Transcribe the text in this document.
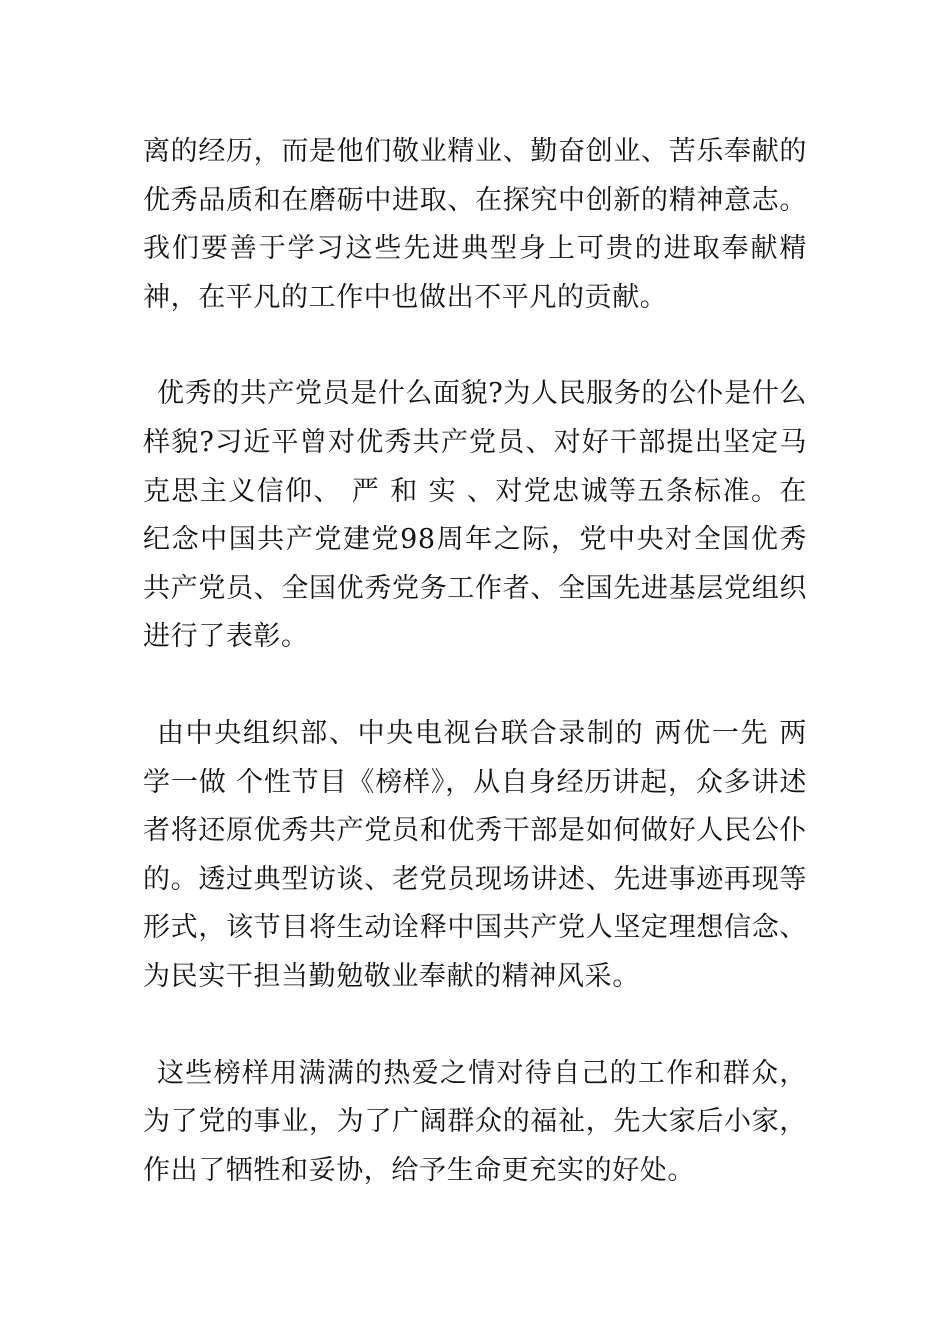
离的经历，而是他们敬业精业、勤奋创业、苦乐奉献的优秀品质和在磨砺中进取、在探究中创新的精神意志。我们要善于学习这些先进典型身上可贵的进取奉献精神，在平凡的工作中也做出不平凡的贡献。

优秀的共产党员是什么面貌?为人民服务的公仆是什么样貌?习近平曾对优秀共产党员、对好干部提出坚定马克思主义信仰、 严 和 实 、对党忠诚等五条标准。在纪念中国共产党建党98周年之际，党中央对全国优秀共产党员、全国优秀党务工作者、全国先进基层党组织进行了表彰。

由中央组织部、中央电视台联合录制的 两优一先 两学一做 个性节目《榜样》，从自身经历讲起，众多讲述者将还原优秀共产党员和优秀干部是如何做好人民公仆的。透过典型访谈、老党员现场讲述、先进事迹再现等形式，该节目将生动诠释中国共产党人坚定理想信念、为民实干担当勤勉敬业奉献的精神风采。

这些榜样用满满的热爱之情对待自己的工作和群众，为了党的事业，为了广阔群众的福祉，先大家后小家，作出了牺牲和妥协，给予生命更充实的好处。
